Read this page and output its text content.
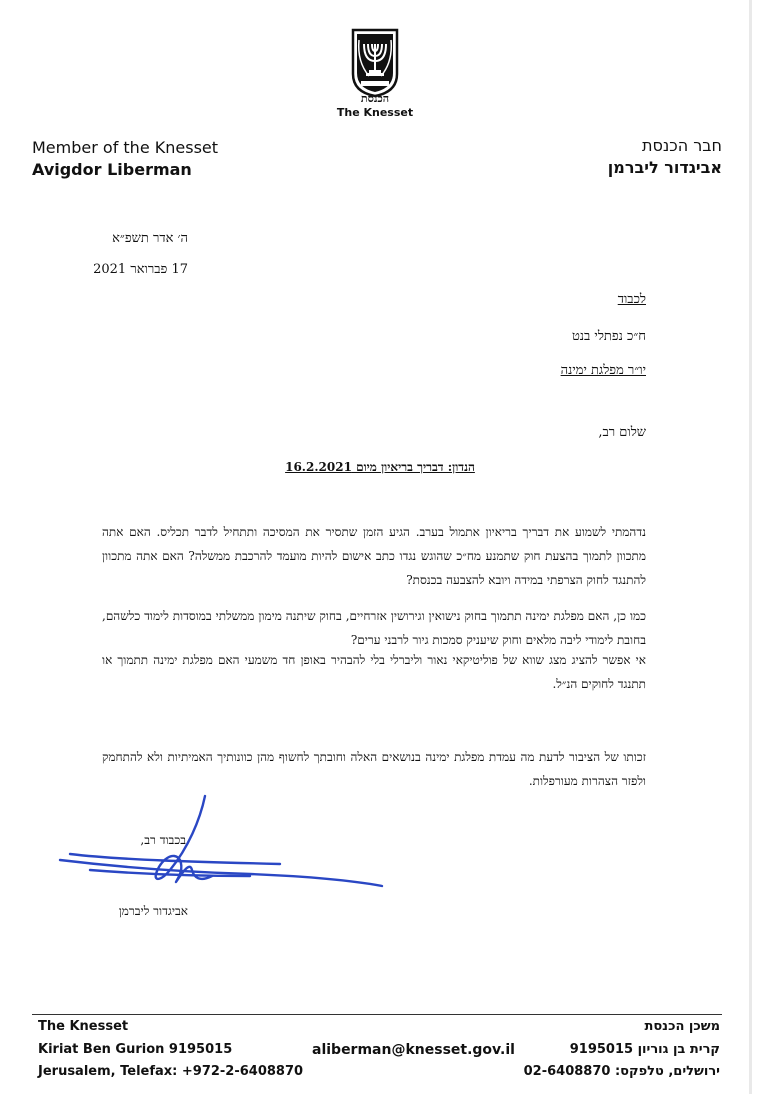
הכנסת
The Knesset
Member of the Knesset
Avigdor Liberman
חבר הכנסת
אביגדור ליברמן
ה׳ אדר תשפ״א
17 פברואר 2021
לכבוד
ח״כ נפתלי בנט
יו״ר מפלגת ימינה
שלום רב,
הנדון: דבריך בריאיון מיום 16.2.2021
נדהמתי לשמוע את דבריך בריאיון אתמול בערב. הגיע הזמן שתסיר את המסיכה ותתחיל לדבר תכליס. האם אתה מתכוון לתמוך בהצעת חוק שתמנע מח״כ שהוגש נגדו כתב אישום להיות מועמד להרכבת ממשלה? האם אתה מתכוון להתנגד לחוק הצרפתי במידה ויובא להצבעה בכנסת?
כמו כן, האם מפלגת ימינה תתמוך בחוק נישואין וגירושין אזרחיים, בחוק שיתנה מימון ממשלתי במוסדות לימוד כלשהם, בחובת לימודי ליבה מלאים וחוק שיעניק סמכות גיור לרבני ערים?
אי אפשר להציג מצג שווא של פוליטיקאי נאור וליברלי בלי להבהיר באופן חד משמעי האם מפלגת ימינה תתמוך או תתנגד לחוקים הנ״ל.
זכותו של הציבור לדעת מה עמדת מפלגת ימינה בנושאים האלה וחובתך לחשוף מהן כוונותיך האמיתיות ולא להתחמק ולפזר הצהרות מעורפלות.
בכבוד רב,
אביגדור ליברמן
The Knesset
Kiriat Ben Gurion 9195015
Jerusalem, Telefax: +972-2-6408870
aliberman@knesset.gov.il
משכן הכנסת
קרית בן גוריון 9195015
ירושלים, טלפקס: 02-6408870
